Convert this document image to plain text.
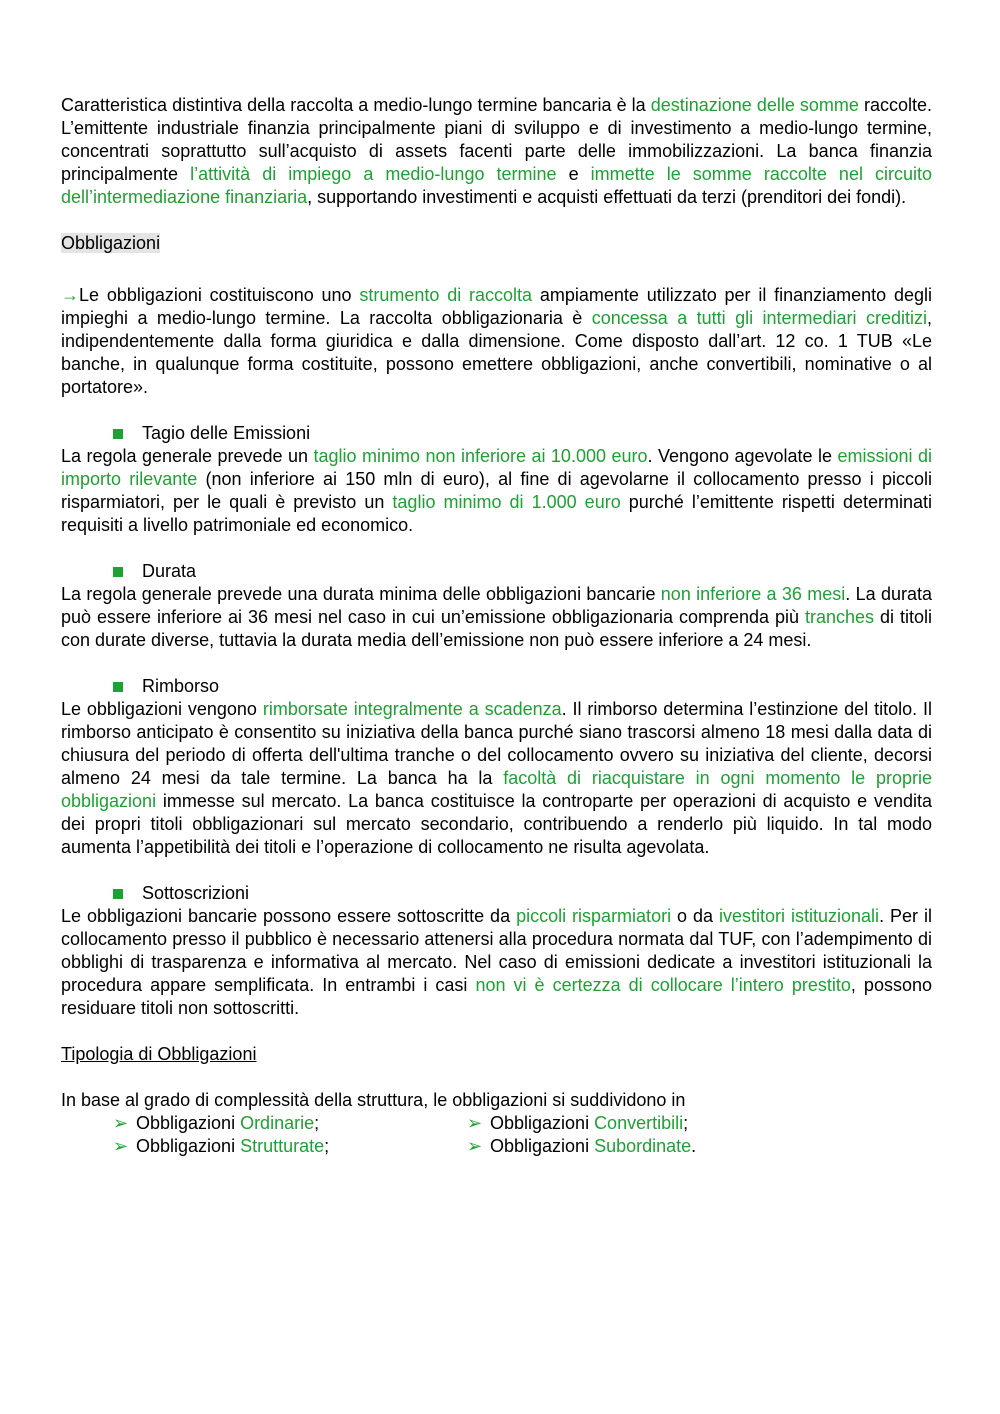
Caratteristica distintiva della raccolta a medio-lungo termine bancaria è la destinazione delle somme raccolte. L’emittente industriale finanzia principalmente piani di sviluppo e di investimento a medio-lungo termine, concentrati soprattutto sull’acquisto di assets facenti parte delle immobilizzazioni. La banca finanzia principalmente l’attività di impiego a medio-lungo termine e immette le somme raccolte nel circuito dell’intermediazione finanziaria, supportando investimenti e acquisti effettuati da terzi (prenditori dei fondi).

Obbligazioni

→Le obbligazioni costituiscono uno strumento di raccolta ampiamente utilizzato per il finanziamento degli impieghi a medio-lungo termine. La raccolta obbligazionaria è concessa a tutti gli intermediari creditizi, indipendentemente dalla forma giuridica e dalla dimensione. Come disposto dall’art. 12 co. 1 TUB «Le banche, in qualunque forma costituite, possono emettere obbligazioni, anche convertibili, nominative o al portatore».

Tagio delle Emissioni

La regola generale prevede un taglio minimo non inferiore ai 10.000 euro. Vengono agevolate le emissioni di importo rilevante (non inferiore ai 150 mln di euro), al fine di agevolarne il collocamento presso i piccoli risparmiatori, per le quali è previsto un taglio minimo di 1.000 euro purché l’emittente rispetti determinati requisiti a livello patrimoniale ed economico.

Durata

La regola generale prevede una durata minima delle obbligazioni bancarie non inferiore a 36 mesi. La durata può essere inferiore ai 36 mesi nel caso in cui un’emissione obbligazionaria comprenda più tranches di titoli con durate diverse, tuttavia la durata media dell’emissione non può essere inferiore a 24 mesi.

Rimborso

Le obbligazioni vengono rimborsate integralmente a scadenza. Il rimborso determina l’estinzione del titolo. Il rimborso anticipato è consentito su iniziativa della banca purché siano trascorsi almeno 18 mesi dalla data di chiusura del periodo di offerta dell'ultima tranche o del collocamento ovvero su iniziativa del cliente, decorsi almeno 24 mesi da tale termine. La banca ha la facoltà di riacquistare in ogni momento le proprie obbligazioni immesse sul mercato. La banca costituisce la controparte per operazioni di acquisto e vendita dei propri titoli obbligazionari sul mercato secondario, contribuendo a renderlo più liquido. In tal modo aumenta l’appetibilità dei titoli e l’operazione di collocamento ne risulta agevolata.

Sottoscrizioni

Le obbligazioni bancarie possono essere sottoscritte da piccoli risparmiatori o da ivestitori istituzionali. Per il collocamento presso il pubblico è necessario attenersi alla procedura normata dal TUF, con l’adempimento di obblighi di trasparenza e informativa al mercato. Nel caso di emissioni dedicate a investitori istituzionali la procedura appare semplificata. In entrambi i casi non vi è certezza di collocare l’intero prestito, possono residuare titoli non sottoscritti.

Tipologia di Obbligazioni

In base al grado di complessità della struttura, le obbligazioni si suddividono in

➢ Obbligazioni Ordinarie;	➢ Obbligazioni Convertibili;
➢ Obbligazioni Strutturate;	➢ Obbligazioni Subordinate.
